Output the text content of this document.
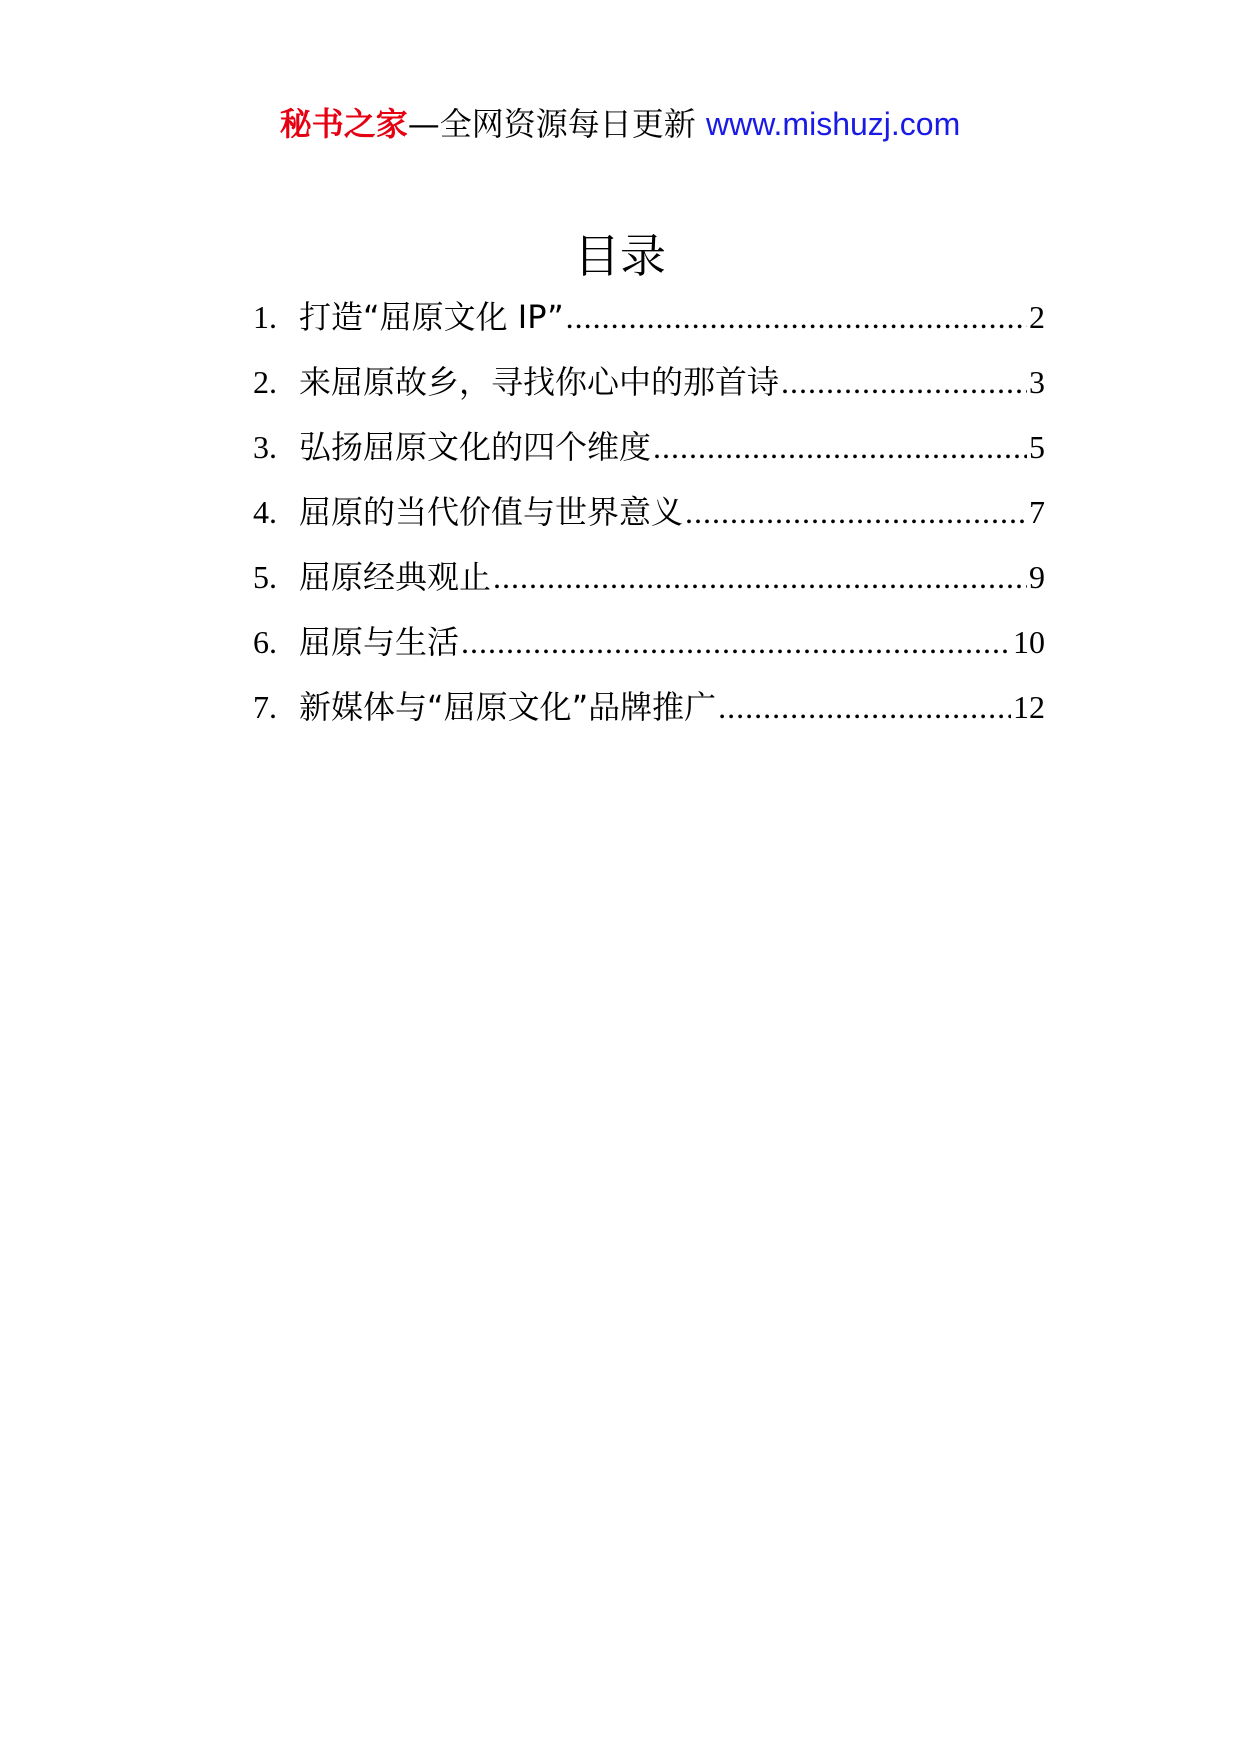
秘书之家—全网资源每日更新 www.mishuzj.com
目录
1. 打造“屈原文化 IP” .....	2
2. 来屈原故乡，寻找你心中的那首诗 .....	3
3. 弘扬屈原文化的四个维度 .....	5
4. 屈原的当代价值与世界意义 .....	7
5. 屈原经典观止 .....	9
6. 屈原与生活 .....	10
7. 新媒体与“屈原文化”品牌推广 .....	12
